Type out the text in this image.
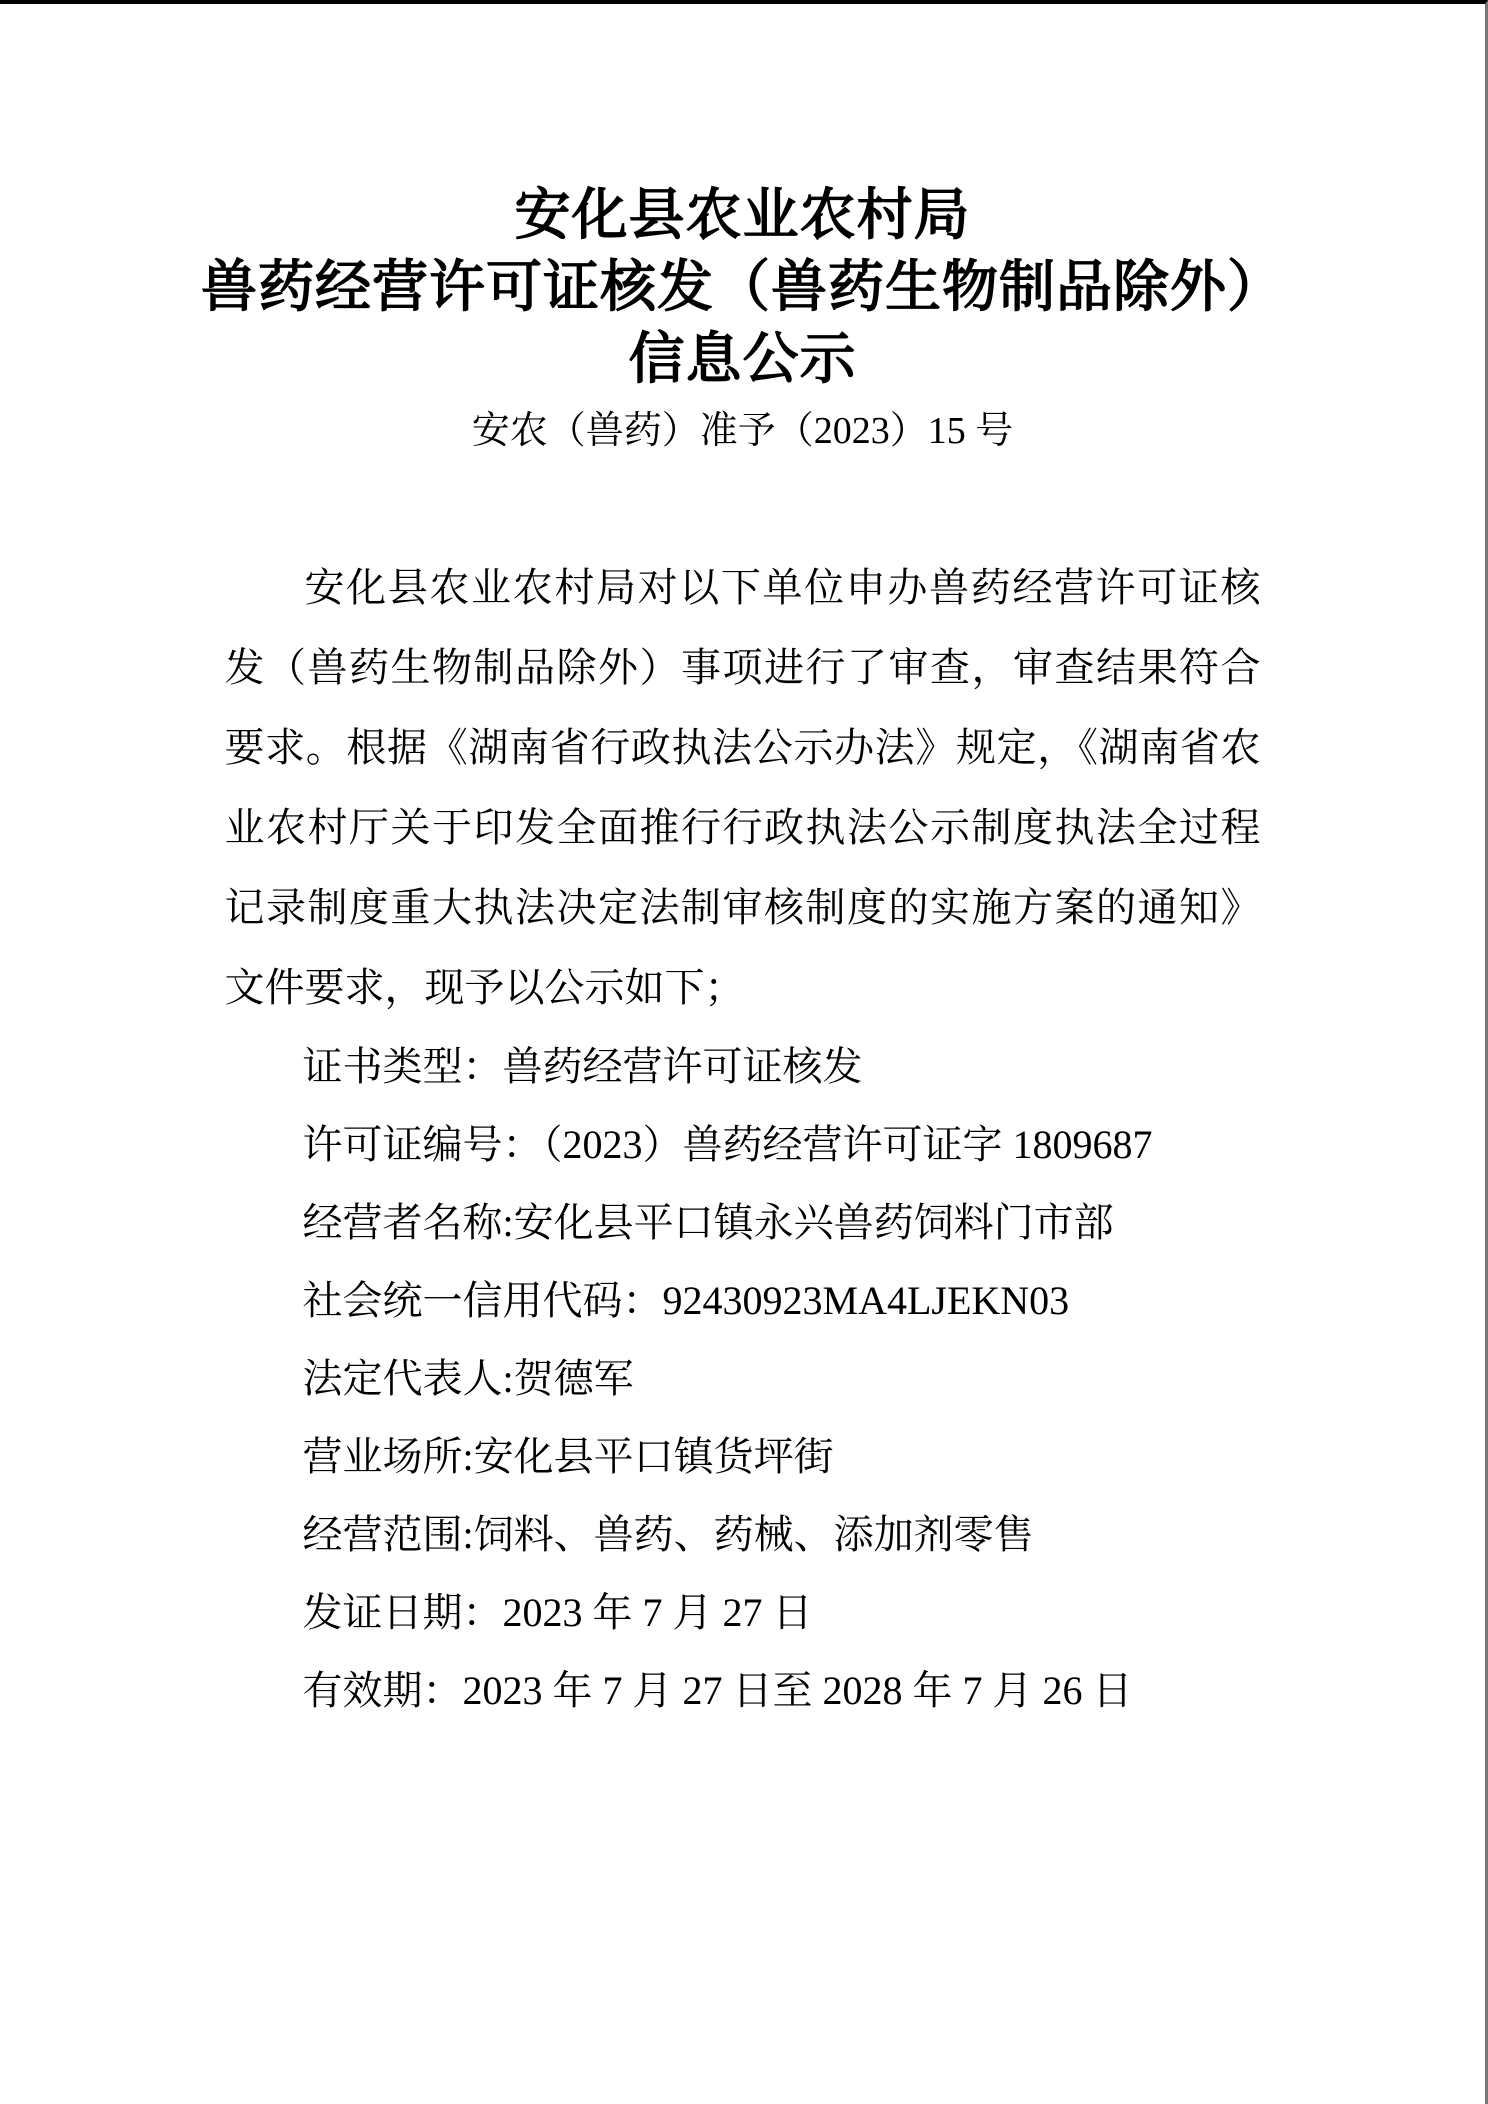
安化县农业农村局
兽药经营许可证核发（兽药生物制品除外）
信息公示
安农（兽药）准予（2023）15 号

安化县农业农村局对以下单位申办兽药经营许可证核发（兽药生物制品除外）事项进行了审查，审查结果符合要求。根据《湖南省行政执法公示办法》规定，《湖南省农业农村厅关于印发全面推行行政执法公示制度执法全过程记录制度重大执法决定法制审核制度的实施方案的通知》文件要求，现予以公示如下；

证书类型：兽药经营许可证核发
许可证编号：（2023）兽药经营许可证字 1809687
经营者名称:安化县平口镇永兴兽药饲料门市部
社会统一信用代码：92430923MA4LJEKN03
法定代表人:贺德军
营业场所:安化县平口镇货坪街
经营范围:饲料、兽药、药械、添加剂零售
发证日期：2023 年 7 月 27 日
有效期：2023 年 7 月 27 日至 2028 年 7 月 26 日
